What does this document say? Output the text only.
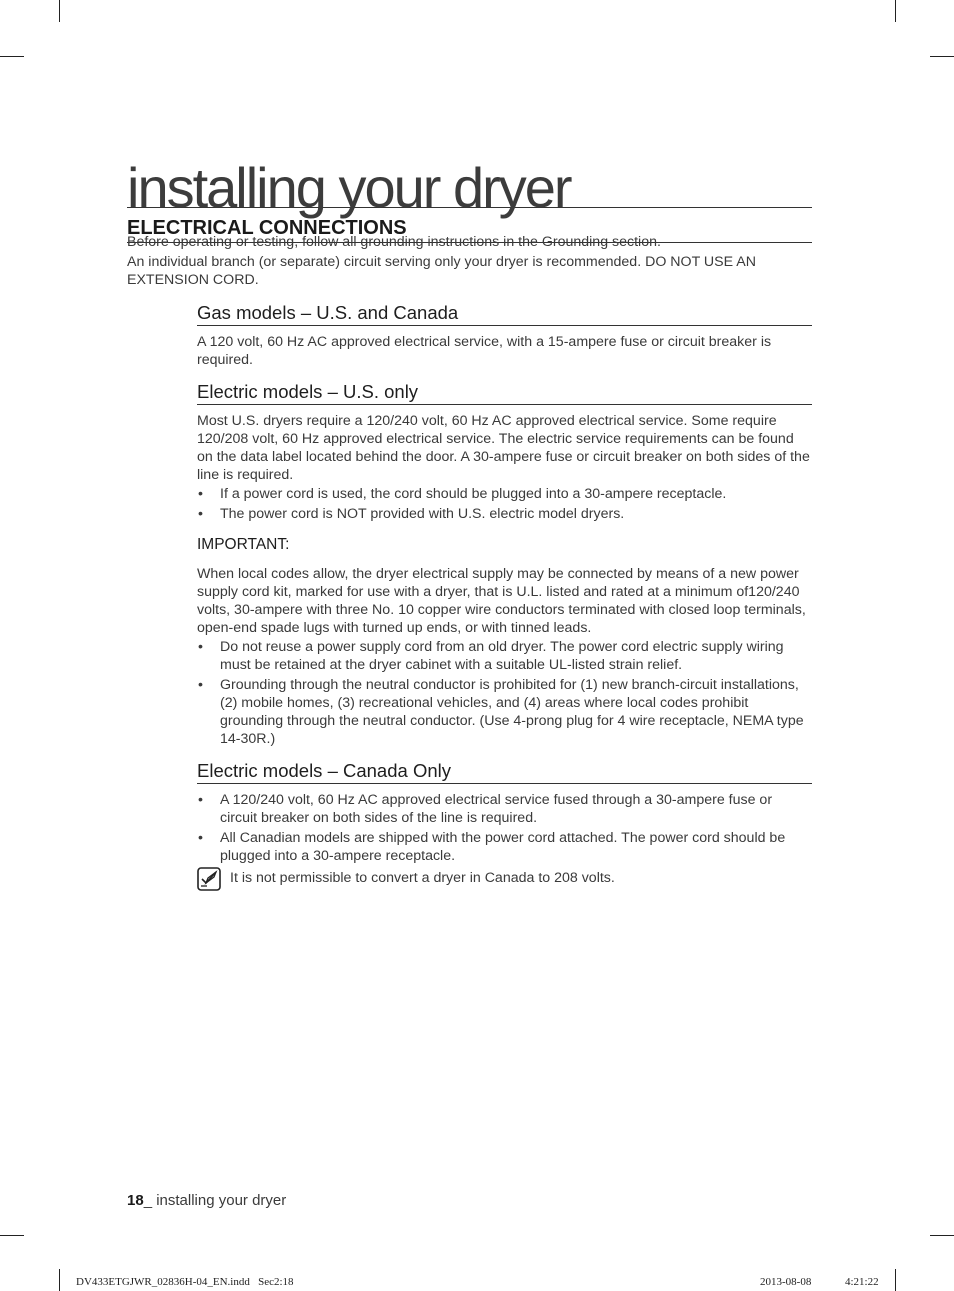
installing your dryer
ELECTRICAL CONNECTIONS
Before operating or testing, follow all grounding instructions in the Grounding section.
An individual branch (or separate) circuit serving only your dryer is recommended. DO NOT USE AN EXTENSION CORD.
Gas models – U.S. and Canada
A 120 volt, 60 Hz AC approved electrical service, with a 15-ampere fuse or circuit breaker is required.
Electric models – U.S. only
Most U.S. dryers require a 120/240 volt, 60 Hz AC approved electrical service. Some require 120/208 volt, 60 Hz approved electrical service. The electric service requirements can be found on the data label located behind the door. A 30-ampere fuse or circuit breaker on both sides of the line is required.
• If a power cord is used, the cord should be plugged into a 30-ampere receptacle.
• The power cord is NOT provided with U.S. electric model dryers.
IMPORTANT:
When local codes allow, the dryer electrical supply may be connected by means of a new power supply cord kit, marked for use with a dryer, that is U.L. listed and rated at a minimum of120/240 volts, 30-ampere with three No. 10 copper wire conductors terminated with closed loop terminals, open-end spade lugs with turned up ends, or with tinned leads.
• Do not reuse a power supply cord from an old dryer. The power cord electric supply wiring must be retained at the dryer cabinet with a suitable UL-listed strain relief.
• Grounding through the neutral conductor is prohibited for (1) new branch-circuit installations, (2) mobile homes, (3) recreational vehicles, and (4) areas where local codes prohibit grounding through the neutral conductor. (Use 4-prong plug for 4 wire receptacle, NEMA type 14-30R.)
Electric models – Canada Only
• A 120/240 volt, 60 Hz AC approved electrical service fused through a 30-ampere fuse or circuit breaker on both sides of the line is required.
• All Canadian models are shipped with the power cord attached. The power cord should be plugged into a 30-ampere receptacle.
It is not permissible to convert a dryer in Canada to 208 volts.
18_ installing your dryer
DV433ETGJWR_02836H-04_EN.indd   Sec2:18	2013-08-08	4:21:22
